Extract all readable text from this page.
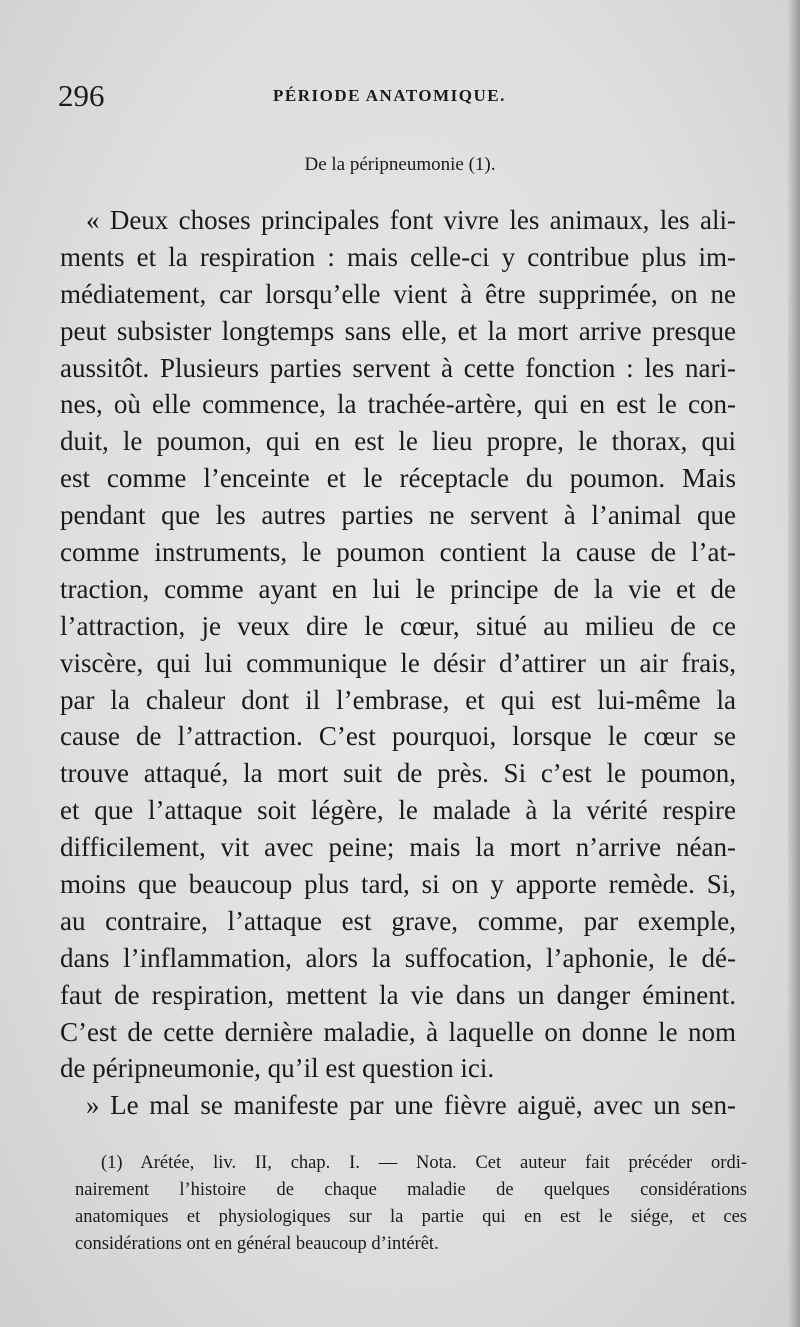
296	PÉRIODE ANATOMIQUE.
De la péripneumonie (1).
« Deux choses principales font vivre les animaux, les ali-
ments et la respiration : mais celle-ci y contribue plus im-
médiatement, car lorsqu’elle vient à être supprimée, on ne
peut subsister longtemps sans elle, et la mort arrive presque
aussitôt. Plusieurs parties servent à cette fonction : les nari-
nes, où elle commence, la trachée-artère, qui en est le con-
duit, le poumon, qui en est le lieu propre, le thorax, qui
est comme l’enceinte et le réceptacle du poumon. Mais
pendant que les autres parties ne servent à l’animal que
comme instruments, le poumon contient la cause de l’at-
traction, comme ayant en lui le principe de la vie et de
l’attraction, je veux dire le cœur, situé au milieu de ce
viscère, qui lui communique le désir d’attirer un air frais,
par la chaleur dont il l’embrase, et qui est lui-même la
cause de l’attraction. C’est pourquoi, lorsque le cœur se
trouve attaqué, la mort suit de près. Si c’est le poumon,
et que l’attaque soit légère, le malade à la vérité respire
difficilement, vit avec peine; mais la mort n’arrive néan-
moins que beaucoup plus tard, si on y apporte remède. Si,
au contraire, l’attaque est grave, comme, par exemple,
dans l’inflammation, alors la suffocation, l’aphonie, le dé-
faut de respiration, mettent la vie dans un danger éminent.
C’est de cette dernière maladie, à laquelle on donne le nom
de péripneumonie, qu’il est question ici.
» Le mal se manifeste par une fièvre aiguë, avec un sen-
(1) Arétée, liv. II, chap. I. — Nota. Cet auteur fait précéder ordi-
nairement l’histoire de chaque maladie de quelques considérations
anatomiques et physiologiques sur la partie qui en est le siége, et ces
considérations ont en général beaucoup d’intérêt.
